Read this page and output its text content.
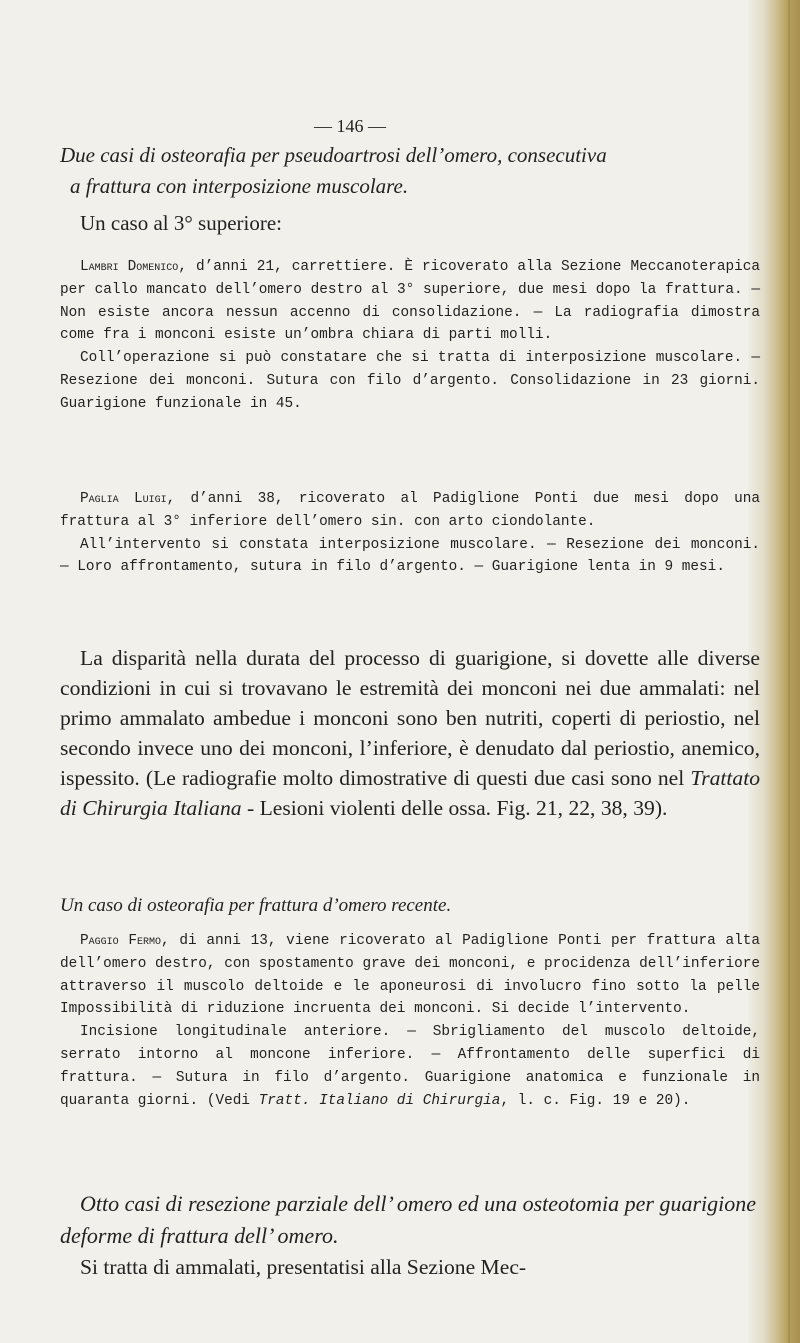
— 146 —

Due casi di osteorafia per pseudoartrosi dell’omero, consecutiva

a frattura con interposizione muscolare.

Un caso al 3° superiore:

Lambri Domenico, d’anni 21, carrettiere. È ricoverato alla Sezione Meccanoterapica per callo mancato dell’omero destro al 3° superiore, due mesi dopo la frattura. — Non esiste ancora nessun accenno di consolidazione. — La radiografia dimostra come fra i monconi esiste un’ombra chiara di parti molli.

Coll’operazione si può constatare che si tratta di interposizione muscolare. — Resezione dei monconi. Sutura con filo d’argento. Consolidazione in 23 giorni. Guarigione funzionale in 45.

Paglia Luigi, d’anni 38, ricoverato al Padiglione Ponti due mesi dopo una frattura al 3° inferiore dell’omero sin. con arto ciondolante.

All’intervento si constata interposizione muscolare. — Resezione dei monconi. — Loro affrontamento, sutura in filo d’argento. — Guarigione lenta in 9 mesi.

La disparità nella durata del processo di guarigione, si dovette alle diverse condizioni in cui si trovavano le estremità dei monconi nei due ammalati: nel primo ammalato ambedue i monconi sono ben nutriti, coperti di periostio, nel secondo invece uno dei monconi, l’inferiore, è denudato dal periostio, anemico, ispessito. (Le radiografie molto dimostrative di questi due casi sono nel Trattato di Chirurgia Italiana - Lesioni violenti delle ossa. Fig. 21, 22, 38, 39).

Un caso di osteorafia per frattura d’omero recente.

Paggio Fermo, di anni 13, viene ricoverato al Padiglione Ponti per frattura alta dell’omero destro, con spostamento grave dei monconi, e procidenza dell’inferiore attraverso il muscolo deltoide e le aponeurosi di involucro fino sotto la pelle Impossibilità di riduzione incruenta dei monconi. Si decide l’intervento.

Incisione longitudinale anteriore. — Sbrigliamento del muscolo deltoide, serrato intorno al moncone inferiore. — Affrontamento delle superfici di frattura. — Sutura in filo d’argento. Guarigione anatomica e funzionale in quaranta giorni. (Vedi Tratt. Italiano di Chirurgia, l. c. Fig. 19 e 20).

Otto casi di resezione parziale dell’ omero ed una osteotomia per guarigione deforme di frattura dell’ omero.

Si tratta di ammalati, presentatisi alla Sezione Mec-
